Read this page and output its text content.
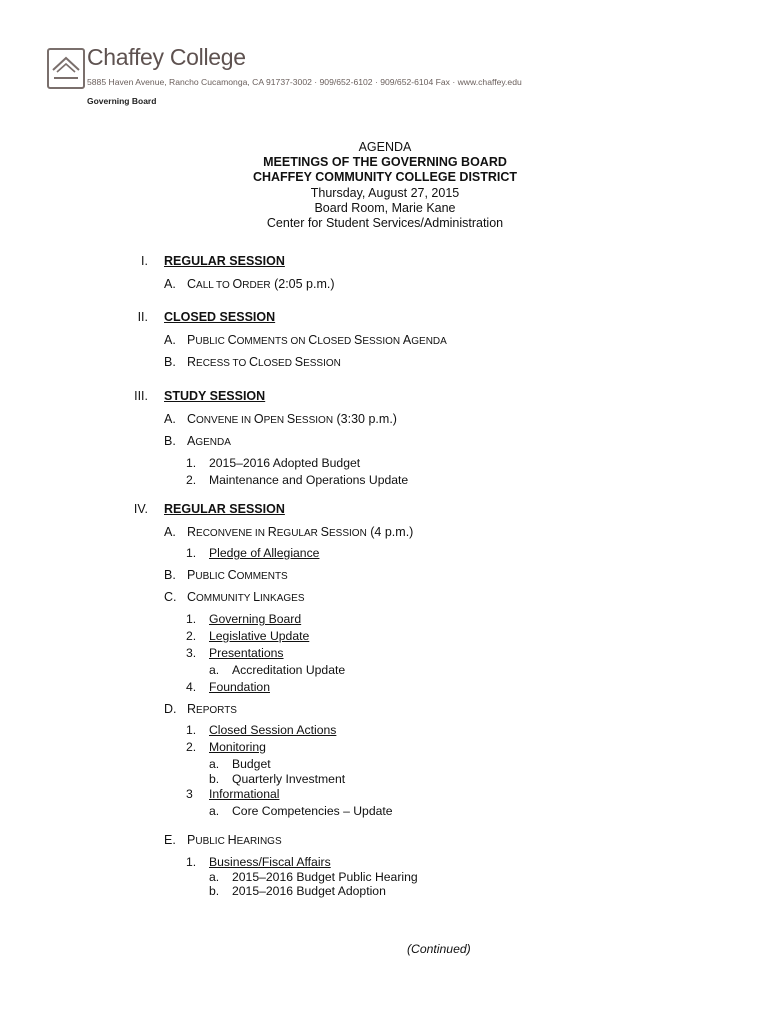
Chaffey College
5885 Haven Avenue, Rancho Cucamonga, CA 91737-3002 · 909/652-6102 · 909/652-6104 Fax · www.chaffey.edu
Governing Board
AGENDA
MEETINGS OF THE GOVERNING BOARD
CHAFFEY COMMUNITY COLLEGE DISTRICT
Thursday, August 27, 2015
Board Room, Marie Kane
Center for Student Services/Administration
I. REGULAR SESSION
A. CALL TO ORDER (2:05 p.m.)
II. CLOSED SESSION
A. PUBLIC COMMENTS ON CLOSED SESSION AGENDA
B. RECESS TO CLOSED SESSION
III. STUDY SESSION
A. CONVENE IN OPEN SESSION (3:30 p.m.)
B. AGENDA
1. 2015–2016 Adopted Budget
2. Maintenance and Operations Update
IV. REGULAR SESSION
A. RECONVENE IN REGULAR SESSION (4 p.m.)
1. Pledge of Allegiance
B. PUBLIC COMMENTS
C. COMMUNITY LINKAGES
1. Governing Board
2. Legislative Update
3. Presentations
a. Accreditation Update
4. Foundation
D. REPORTS
1. Closed Session Actions
2. Monitoring
a. Budget
b. Quarterly Investment
3 Informational
a. Core Competencies – Update
E. PUBLIC HEARINGS
1. Business/Fiscal Affairs
a. 2015–2016 Budget Public Hearing
b. 2015–2016 Budget Adoption
(Continued)
